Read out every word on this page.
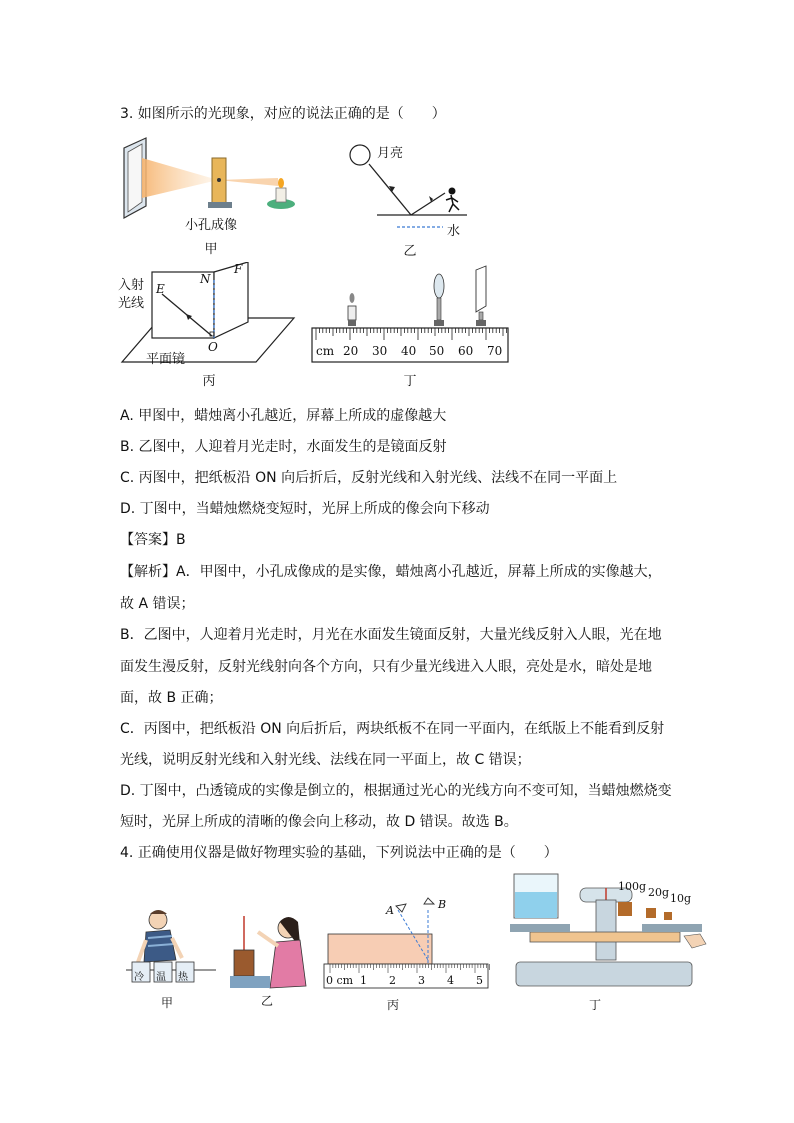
3. 如图所示的光现象，对应的说法正确的是（　　）
小孔成像
甲
月亮
水
乙
入射
光线
E
N
F
O
平面镜
丙
cm 20 30 40 50 60 70
丁
A. 甲图中，蜡烛离小孔越近，屏幕上所成的虚像越大
B. 乙图中，人迎着月光走时，水面发生的是镜面反射
C. 丙图中，把纸板沿 ON 向后折后，反射光线和入射光线、法线不在同一平面上
D. 丁图中，当蜡烛燃烧变短时，光屏上所成的像会向下移动
【答案】B
【解析】A．甲图中，小孔成像成的是实像，蜡烛离小孔越近，屏幕上所成的实像越大，
故 A 错误；
B．乙图中，人迎着月光走时，月光在水面发生镜面反射，大量光线反射入人眼，光在地
面发生漫反射，反射光线射向各个方向，只有少量光线进入人眼，亮处是水，暗处是地
面，故 B 正确；
C．丙图中，把纸板沿 ON 向后折后，两块纸板不在同一平面内，在纸版上不能看到反射
光线，说明反射光线和入射光线、法线在同一平面上，故 C 错误；
D. 丁图中，凸透镜成的实像是倒立的，根据通过光心的光线方向不变可知，当蜡烛燃烧变
短时，光屏上所成的清晰的像会向上移动，故 D 错误。故选 B。
4. 正确使用仪器是做好物理实验的基础，下列说法中正确的是（　　）
冷 温 热
甲	乙
A	B
0 cm 1 2 3 4 5
丙
100g 20g 10g
丁
